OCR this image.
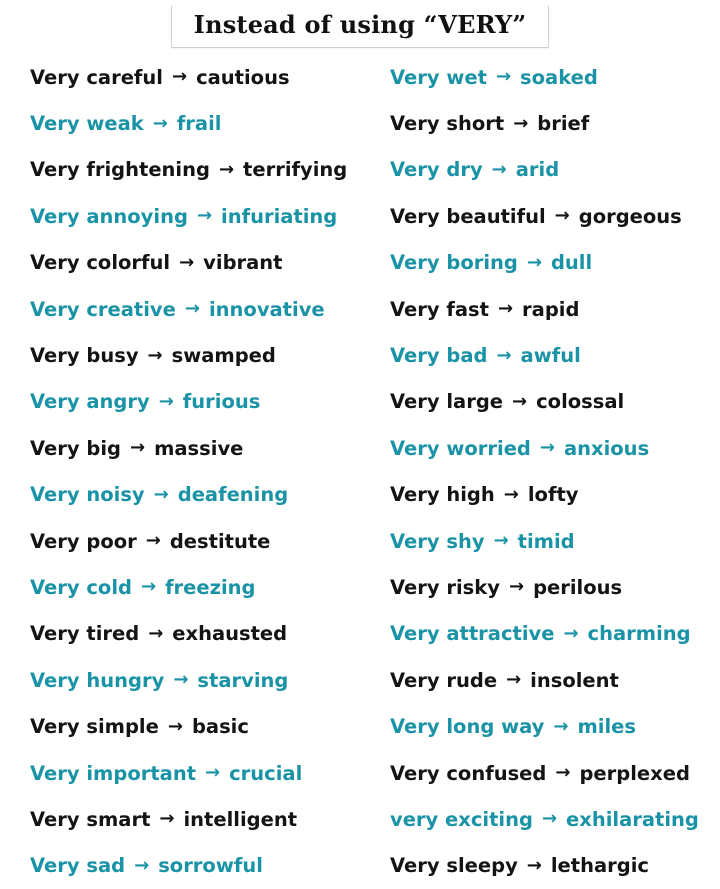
Instead of using “VERY”
Very careful → cautious
Very weak → frail
Very frightening → terrifying
Very annoying → infuriating
Very colorful → vibrant
Very creative → innovative
Very busy → swamped
Very angry → furious
Very big → massive
Very noisy → deafening
Very poor → destitute
Very cold → freezing
Very tired → exhausted
Very hungry → starving
Very simple → basic
Very important → crucial
Very smart → intelligent
Very sad → sorrowful
Very wet → soaked
Very short → brief
Very dry → arid
Very beautiful → gorgeous
Very boring → dull
Very fast → rapid
Very bad → awful
Very large → colossal
Very worried → anxious
Very high → lofty
Very shy → timid
Very risky → perilous
Very attractive → charming
Very rude → insolent
Very long way → miles
Very confused → perplexed
very exciting → exhilarating
Very sleepy → lethargic
